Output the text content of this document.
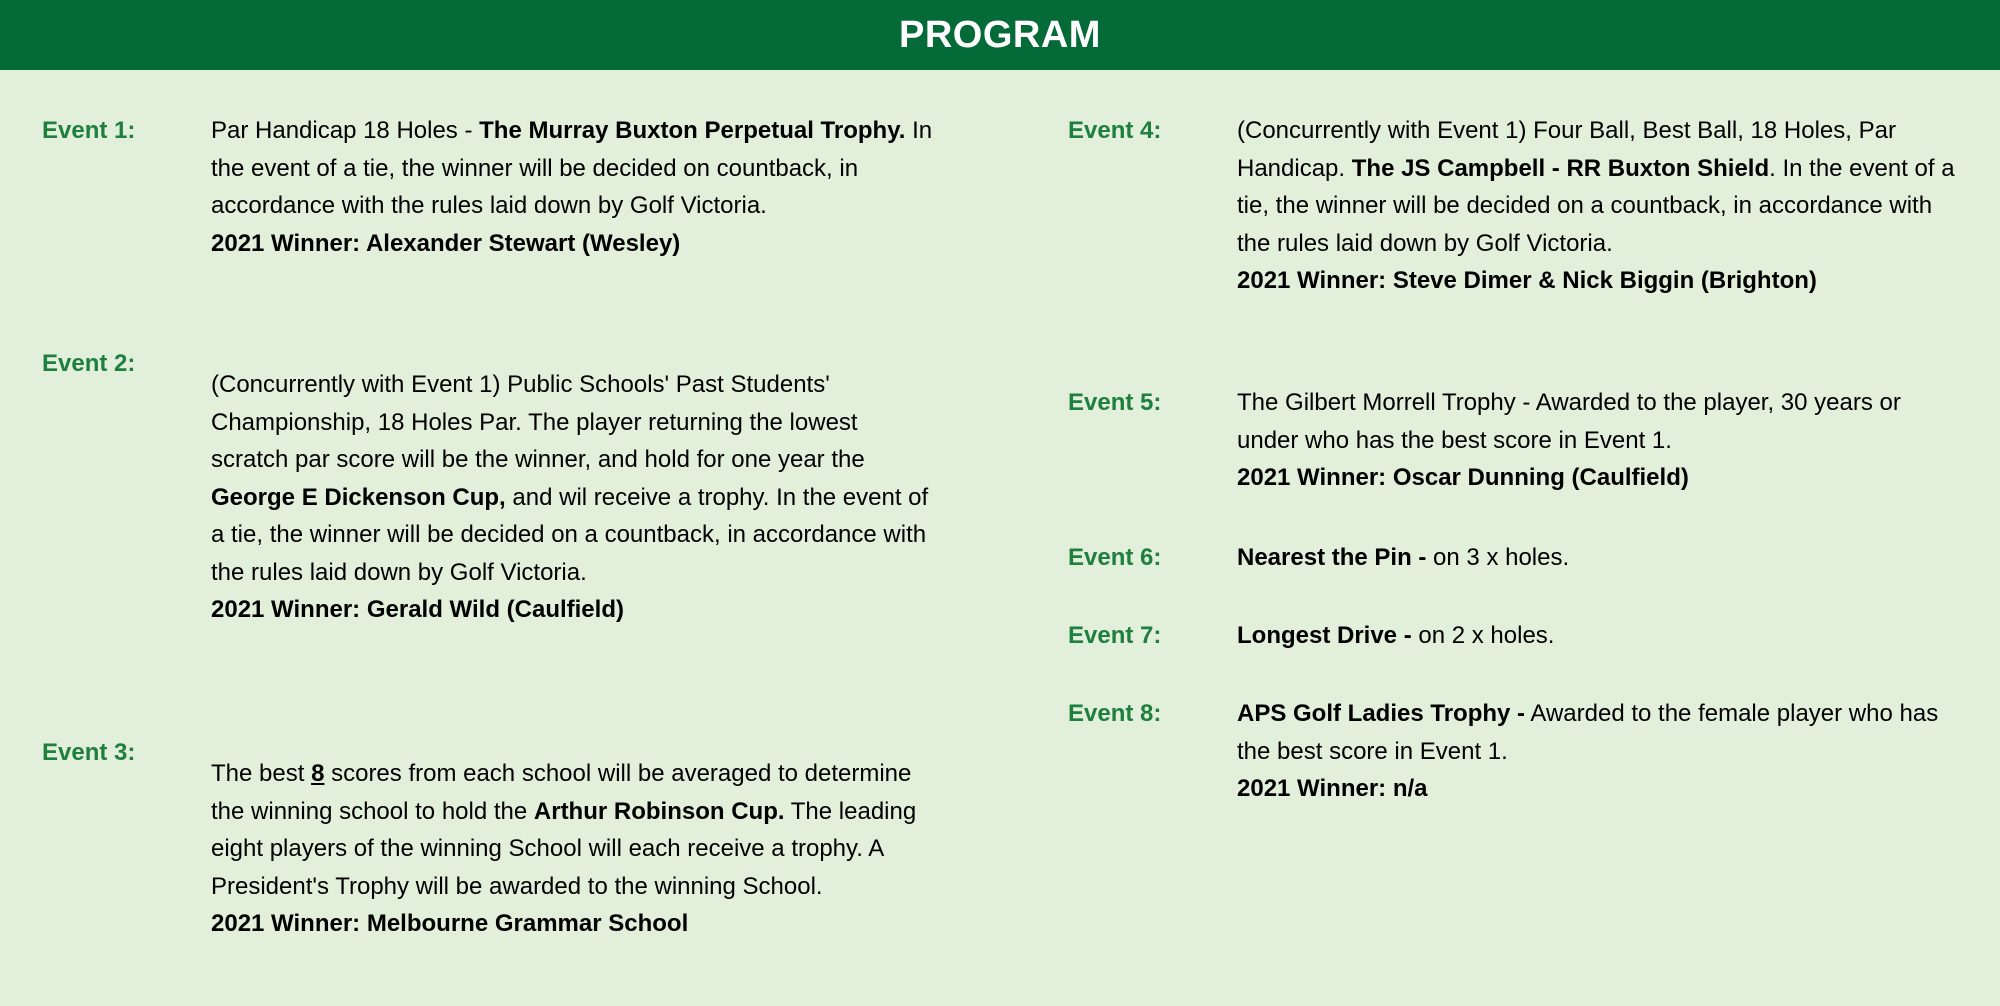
PROGRAM
Event 1:	Par Handicap 18 Holes - The Murray Buxton Perpetual Trophy. In the event of a tie, the winner will be decided on countback, in accordance with the rules laid down by Golf Victoria.
2021 Winner: Alexander Stewart (Wesley)
Event 2:
(Concurrently with Event 1) Public Schools' Past Students' Championship, 18 Holes Par. The player returning the lowest scratch par score will be the winner, and hold for one year the George E Dickenson Cup, and wil receive a trophy. In the event of a tie, the winner will be decided on a countback, in accordance with the rules laid down by Golf Victoria.
2021 Winner: Gerald Wild (Caulfield)
Event 3:
The best 8 scores from each school will be averaged to determine the winning school to hold the Arthur Robinson Cup. The leading eight players of the winning School will each receive a trophy. A President's Trophy will be awarded to the winning School.
2021 Winner: Melbourne Grammar School
Event 4:	(Concurrently with Event 1) Four Ball, Best Ball, 18 Holes, Par Handicap. The JS Campbell - RR Buxton Shield. In the event of a tie, the winner will be decided on a countback, in accordance with the rules laid down by Golf Victoria.
2021 Winner: Steve Dimer & Nick Biggin (Brighton)
Event 5:	The Gilbert Morrell Trophy - Awarded to the player, 30 years or under who has the best score in Event 1.
2021 Winner: Oscar Dunning (Caulfield)
Event 6:	Nearest the Pin - on 3 x holes.
Event 7:	Longest Drive - on 2 x holes.
Event 8:	APS Golf Ladies Trophy - Awarded to the female player who has the best score in Event 1.
2021 Winner: n/a
